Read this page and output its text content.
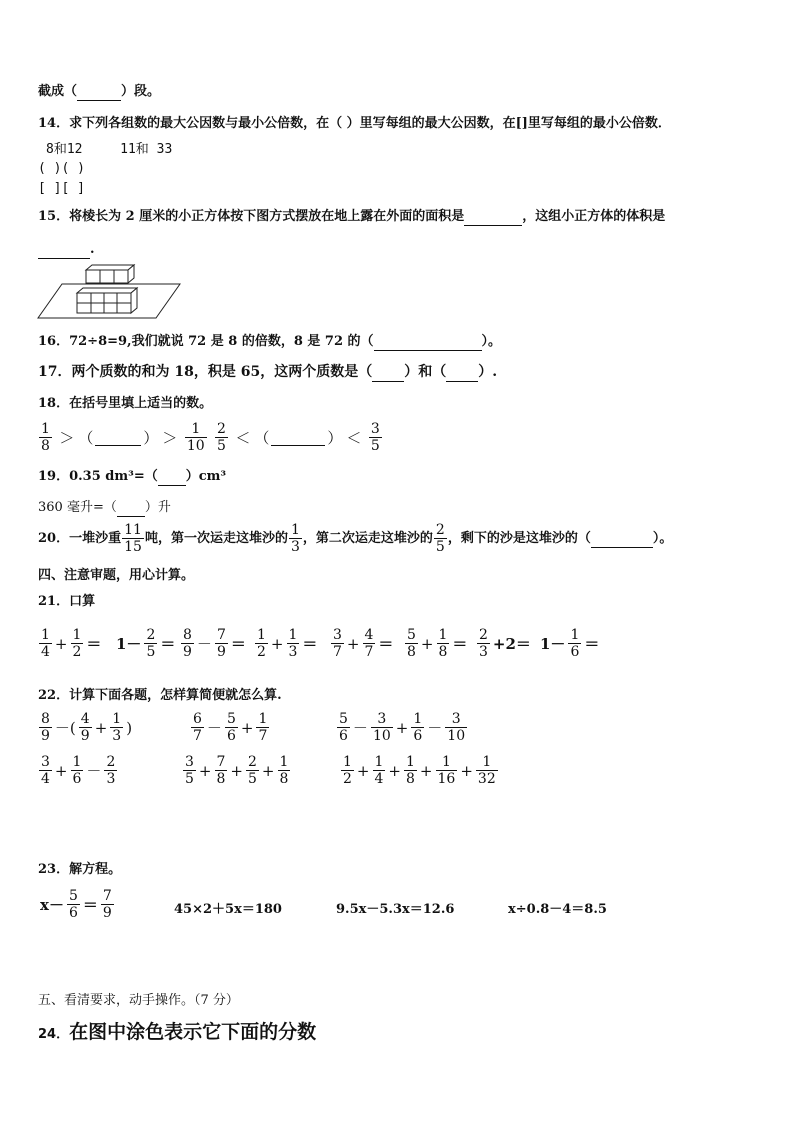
截成（	）段。
14．求下列各组数的最大公因数与最小公倍数，在（ ）里写每组的最大公因数，在[]里写每组的最小公倍数．
8和12	11和 33
( )( )
[ ][ ]
15．将棱长为 2 厘米的小正方体按下图方式摆放在地上露在外面的面积是	，这组小正方体的体积是
.
16．72÷8=9,我们就说 72 是 8 的倍数，8 是 72 的（	）。
17．两个质数的和为 18，积是 65，这两个质数是（ ）和（ ）.
18．在括号里填上适当的数。
$\frac{1}{8}$ ＞ （	） ＞ $\frac{1}{10} \frac{2}{5}$ ＜ （	） ＜ $\frac{3}{5}$
19．0.35 dm³=（ ）cm³
360 毫升=（ ）升
20．一堆沙重 $\frac{11}{15}$ 吨，第一次运走这堆沙的 $\frac{1}{3}$ ，第二次运走这堆沙的 $\frac{2}{5}$ ，剩下的沙是这堆沙的（	）。
四、注意审题，用心计算。
21．口算
$\frac{1}{4} + \frac{1}{2} = 1- \frac{2}{5} = \frac{8}{9} - \frac{7}{9} = \frac{1}{2} + \frac{1}{3} = \frac{3}{7} + \frac{4}{7} = \frac{5}{8} + \frac{1}{8} = \frac{2}{3} +2= 1- \frac{1}{6}$ ＝
22．计算下面各题，怎样算简便就怎么算.
$\frac{8}{9}$ －( $\frac{4}{9} + \frac{1}{3}$ )	$\frac{6}{7} - \frac{5}{6} + \frac{1}{7}$	$\frac{5}{6} - \frac{3}{10} + \frac{1}{6} - \frac{3}{10}$
$\frac{3}{4} + \frac{1}{6} - \frac{2}{3}$	$\frac{3}{5} + \frac{7}{8} + \frac{2}{5} + \frac{1}{8}$	$\frac{1}{2} + \frac{1}{4} + \frac{1}{8} + \frac{1}{16} + \frac{1}{32}$
23．解方程。
$x- \frac{5}{6} = \frac{7}{9}$	45×2＋5x＝180	9.5x－5.3x＝12.6	x÷0.8－4＝8.5
五、看清要求，动手操作。（7 分）
24．在图中涂色表示它下面的分数
